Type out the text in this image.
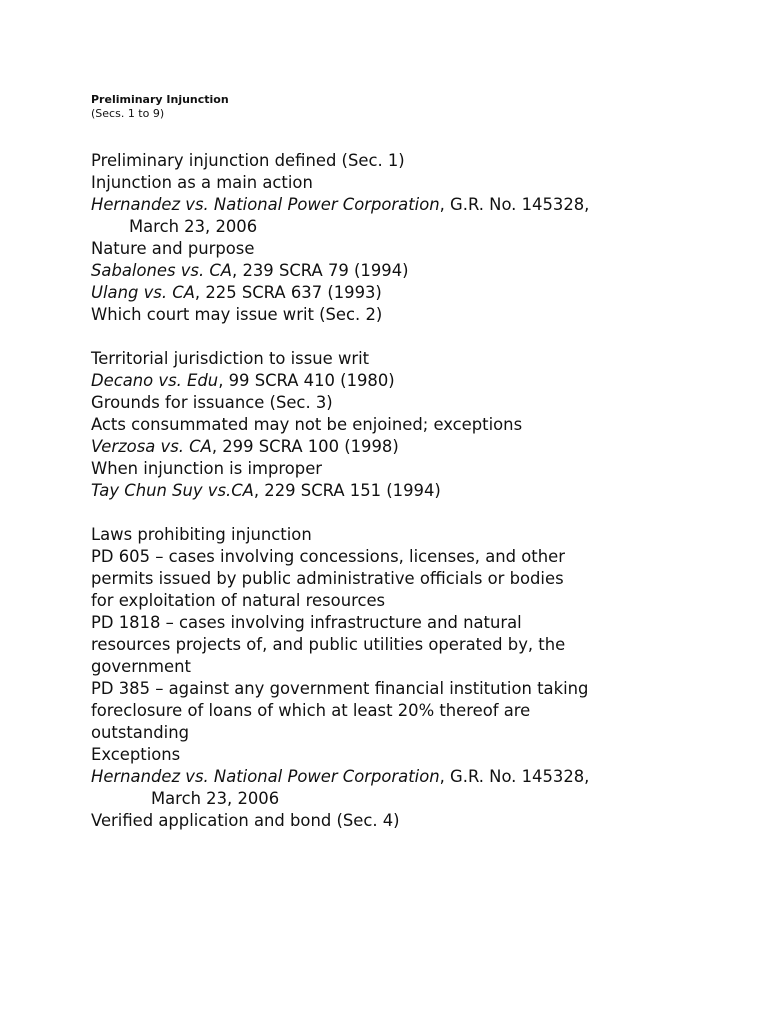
Preliminary Injunction
(Secs. 1 to 9)
Preliminary injunction defined (Sec. 1)
Injunction as a main action
Hernandez vs. National Power Corporation, G.R. No. 145328,
March 23, 2006
Nature and purpose
Sabalones vs. CA, 239 SCRA 79 (1994)
Ulang vs. CA, 225 SCRA 637 (1993)
Which court may issue writ (Sec. 2)
Territorial jurisdiction to issue writ
Decano vs. Edu, 99 SCRA 410 (1980)
Grounds for issuance (Sec. 3)
Acts consummated may not be enjoined; exceptions
Verzosa vs. CA, 299 SCRA 100 (1998)
When injunction is improper
Tay Chun Suy vs.CA, 229 SCRA 151 (1994)
Laws prohibiting injunction
PD 605 – cases involving concessions, licenses, and other
permits issued by public administrative officials or bodies
for exploitation of natural resources
PD 1818 – cases involving infrastructure and natural
resources projects of, and public utilities operated by, the
government
PD 385 – against any government financial institution taking
foreclosure of loans of which at least 20% thereof are
outstanding
Exceptions
Hernandez vs. National Power Corporation, G.R. No. 145328,
March 23, 2006
Verified application and bond (Sec. 4)
